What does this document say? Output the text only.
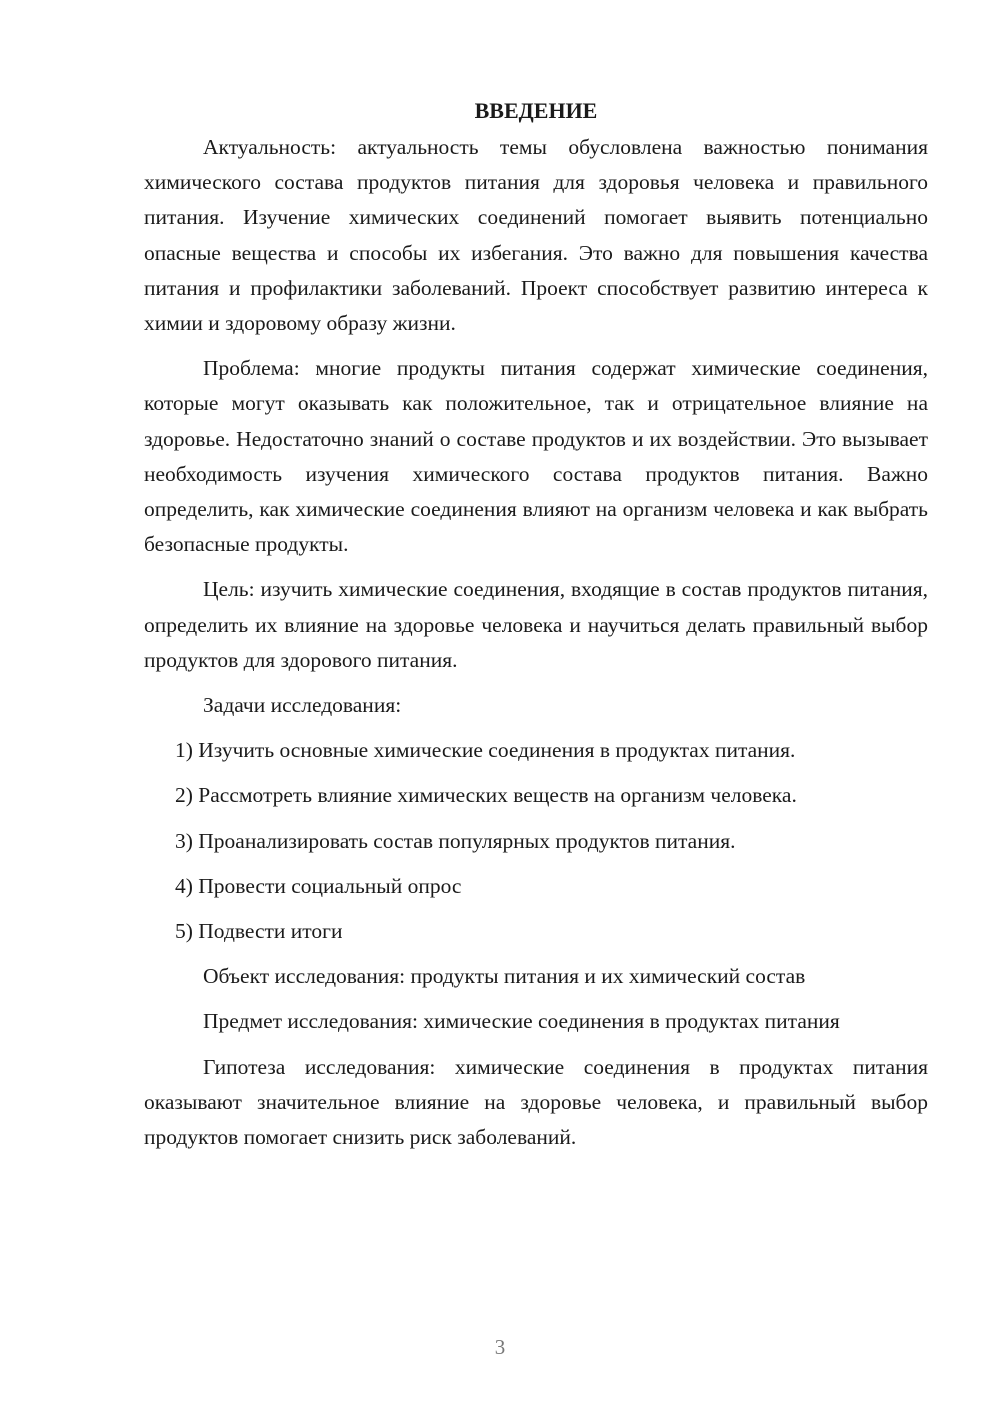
ВВЕДЕНИЕ

Актуальность: актуальность темы обусловлена важностью понимания химического состава продуктов питания для здоровья человека и правильного питания. Изучение химических соединений помогает выявить потенциально опасные вещества и способы их избегания. Это важно для повышения качества питания и профилактики заболеваний. Проект способствует развитию интереса к химии и здоровому образу жизни.

Проблема: многие продукты питания содержат химические соединения, которые могут оказывать как положительное, так и отрицательное влияние на здоровье. Недостаточно знаний о составе продуктов и их воздействии. Это вызывает необходимость изучения химического состава продуктов питания. Важно определить, как химические соединения влияют на организм человека и как выбрать безопасные продукты.

Цель: изучить химические соединения, входящие в состав продуктов питания, определить их влияние на здоровье человека и научиться делать правильный выбор продуктов для здорового питания.

Задачи исследования:

1) Изучить основные химические соединения в продуктах питания.
2) Рассмотреть влияние химических веществ на организм человека.
3) Проанализировать состав популярных продуктов питания.
4) Провести социальный опрос
5) Подвести итоги

Объект исследования: продукты питания и их химический состав

Предмет исследования: химические соединения в продуктах питания

Гипотеза исследования: химические соединения в продуктах питания оказывают значительное влияние на здоровье человека, и правильный выбор продуктов помогает снизить риск заболеваний.

3
